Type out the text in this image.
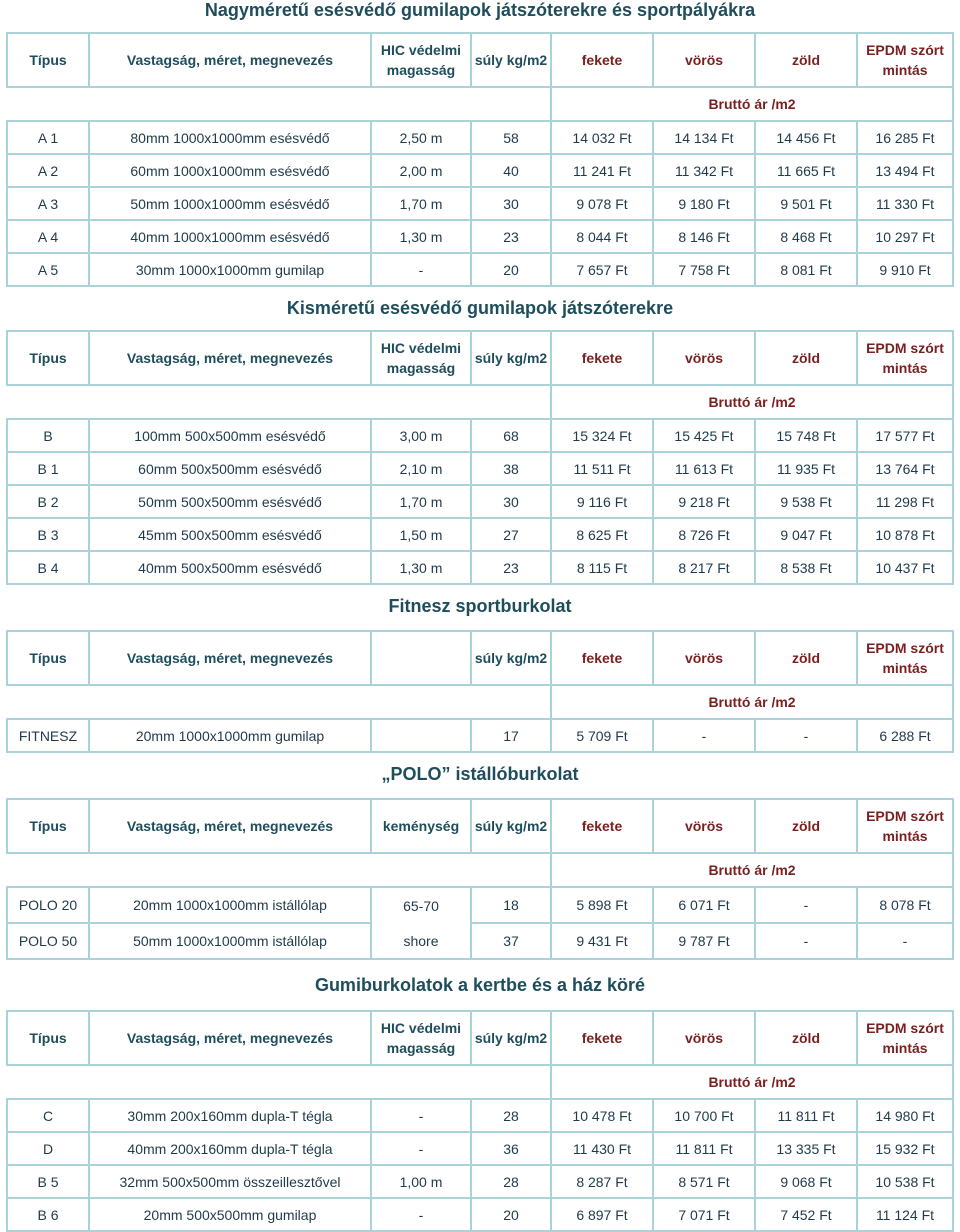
Nagyméretű esésvédő gumilapok játszóterekre és sportpályákra
Típus	Vastagság, méret, megnevezés	HIC védelmi magasság	súly kg/m2	fekete	vörös	zöld	EPDM szórt mintás
				Bruttó ár /m2			
A 1	80mm 1000x1000mm esésvédő	2,50 m	58	14 032 Ft	14 134 Ft	14 456 Ft	16 285 Ft
A 2	60mm 1000x1000mm esésvédő	2,00 m	40	11 241 Ft	11 342 Ft	11 665 Ft	13 494 Ft
A 3	50mm 1000x1000mm esésvédő	1,70 m	30	9 078 Ft	9 180 Ft	9 501 Ft	11 330 Ft
A 4	40mm 1000x1000mm esésvédő	1,30 m	23	8 044 Ft	8 146 Ft	8 468 Ft	10 297 Ft
A 5	30mm 1000x1000mm gumilap	-	20	7 657 Ft	7 758 Ft	8 081 Ft	9 910 Ft
Kisméretű esésvédő gumilapok játszóterekre
Típus	Vastagság, méret, megnevezés	HIC védelmi magasság	súly kg/m2	fekete	vörös	zöld	EPDM szórt mintás
				Bruttó ár /m2			
B	100mm 500x500mm esésvédő	3,00 m	68	15 324 Ft	15 425 Ft	15 748 Ft	17 577 Ft
B 1	60mm 500x500mm esésvédő	2,10 m	38	11 511 Ft	11 613 Ft	11 935 Ft	13 764 Ft
B 2	50mm 500x500mm esésvédő	1,70 m	30	9 116 Ft	9 218 Ft	9 538 Ft	11 298 Ft
B 3	45mm 500x500mm esésvédő	1,50 m	27	8 625 Ft	8 726 Ft	9 047 Ft	10 878 Ft
B 4	40mm 500x500mm esésvédő	1,30 m	23	8 115 Ft	8 217 Ft	8 538 Ft	10 437 Ft
Fitnesz sportburkolat
Típus	Vastagság, méret, megnevezés		súly kg/m2	fekete	vörös	zöld	EPDM szórt mintás
				Bruttó ár /m2			
FITNESZ	20mm 1000x1000mm gumilap		17	5 709 Ft	-	-	6 288 Ft
„POLO” istállóburkolat
Típus	Vastagság, méret, megnevezés	keménység	súly kg/m2	fekete	vörös	zöld	EPDM szórt mintás
				Bruttó ár /m2			
POLO 20	20mm 1000x1000mm istállólap	65-70	18	5 898 Ft	6 071 Ft	-	8 078 Ft
POLO 50	50mm 1000x1000mm istállólap	shore	37	9 431 Ft	9 787 Ft	-	-
Gumiburkolatok a kertbe és a ház köré
Típus	Vastagság, méret, megnevezés	HIC védelmi magasság	súly kg/m2	fekete	vörös	zöld	EPDM szórt mintás
				Bruttó ár /m2			
C	30mm 200x160mm dupla-T tégla	-	28	10 478 Ft	10 700 Ft	11 811 Ft	14 980 Ft
D	40mm 200x160mm dupla-T tégla	-	36	11 430 Ft	11 811 Ft	13 335 Ft	15 932 Ft
B 5	32mm 500x500mm összeillesztővel	1,00 m	28	8 287 Ft	8 571 Ft	9 068 Ft	10 538 Ft
B 6	20mm 500x500mm gumilap	-	20	6 897 Ft	7 071 Ft	7 452 Ft	11 124 Ft
